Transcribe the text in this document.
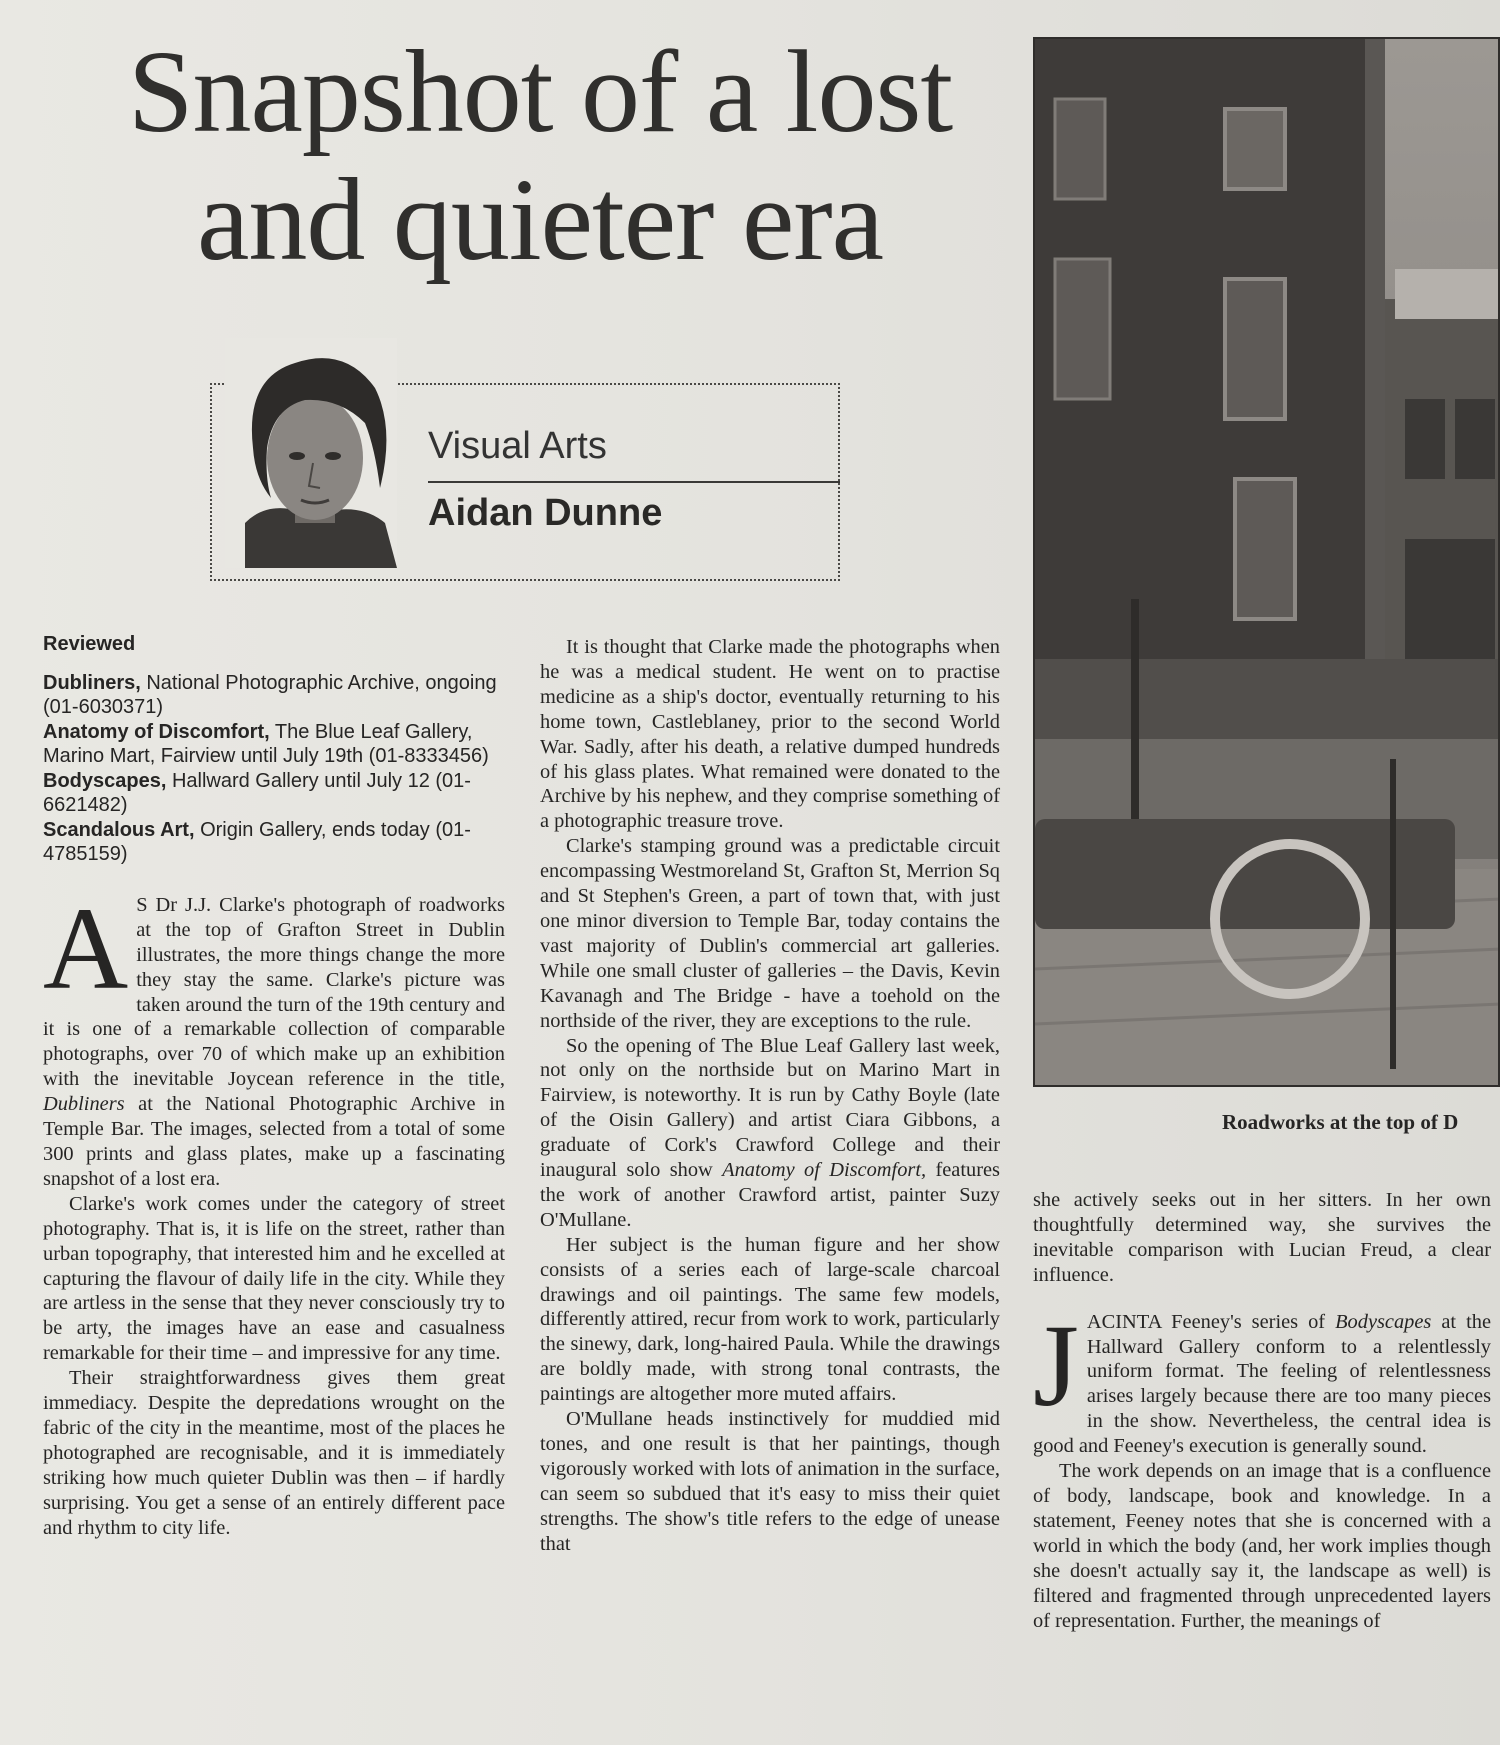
Snapshot of a lost
and quieter era
Visual Arts
Aidan Dunne
Reviewed
Dubliners, National Photographic Archive, ongoing (01-6030371)
Anatomy of Discomfort, The Blue Leaf Gallery, Marino Mart, Fairview until July 19th (01-8333456)
Bodyscapes, Hallward Gallery until July 12 (01-6621482)
Scandalous Art, Origin Gallery, ends today (01-4785159)

A S Dr J.J. Clarke's photograph of roadworks at the top of Grafton Street in Dublin illustrates, the more things change the more they stay the same. Clarke's picture was taken around the turn of the 19th century and it is one of a remarkable collection of comparable photographs, over 70 of which make up an exhibition with the inevitable Joycean reference in the title, Dubliners at the National Photographic Archive in Temple Bar. The images, selected from a total of some 300 prints and glass plates, make up a fascinating snapshot of a lost era.

Clarke's work comes under the category of street photography. That is, it is life on the street, rather than urban topography, that interested him and he excelled at capturing the flavour of daily life in the city. While they are artless in the sense that they never consciously try to be arty, the images have an ease and casualness remarkable for their time – and impressive for any time.

Their straightforwardness gives them great immediacy. Despite the depredations wrought on the fabric of the city in the meantime, most of the places he photographed are recognisable, and it is immediately striking how much quieter Dublin was then – if hardly surprising. You get a sense of an entirely different pace and rhythm to city life.

It is thought that Clarke made the photographs when he was a medical student. He went on to practise medicine as a ship's doctor, eventually returning to his home town, Castleblaney, prior to the second World War. Sadly, after his death, a relative dumped hundreds of his glass plates. What remained were donated to the Archive by his nephew, and they comprise something of a photographic treasure trove.

Clarke's stamping ground was a predictable circuit encompassing Westmoreland St, Grafton St, Merrion Sq and St Stephen's Green, a part of town that, with just one minor diversion to Temple Bar, today contains the vast majority of Dublin's commercial art galleries. While one small cluster of galleries – the Davis, Kevin Kavanagh and The Bridge - have a toehold on the northside of the river, they are exceptions to the rule.

So the opening of The Blue Leaf Gallery last week, not only on the northside but on Marino Mart in Fairview, is noteworthy. It is run by Cathy Boyle (late of the Oisin Gallery) and artist Ciara Gibbons, a graduate of Cork's Crawford College and their inaugural solo show Anatomy of Discomfort, features the work of another Crawford artist, painter Suzy O'Mullane.

Her subject is the human figure and her show consists of a series each of large-scale charcoal drawings and oil paintings. The same few models, differently attired, recur from work to work, particularly the sinewy, dark, long-haired Paula. While the drawings are boldly made, with strong tonal contrasts, the paintings are altogether more muted affairs.

O'Mullane heads instinctively for muddied mid tones, and one result is that her paintings, though vigorously worked with lots of animation in the surface, can seem so subdued that it's easy to miss their quiet strengths. The show's title refers to the edge of unease that

Roadworks at the top of D

she actively seeks out in her sitters. In her own thoughtfully determined way, she survives the inevitable comparison with Lucian Freud, a clear influence.

JACINTA Feeney's series of Bodyscapes at the Hallward Gallery conform to a relentlessly uniform format. The feeling of relentlessness arises largely because there are too many pieces in the show. Nevertheless, the central idea is good and Feeney's execution is generally sound.

The work depends on an image that is a confluence of body, landscape, book and knowledge. In a statement, Feeney notes that she is concerned with a world in which the body (and, her work implies though she doesn't actually say it, the landscape as well) is filtered and fragmented through unprecedented layers of representation. Further, the meanings of
